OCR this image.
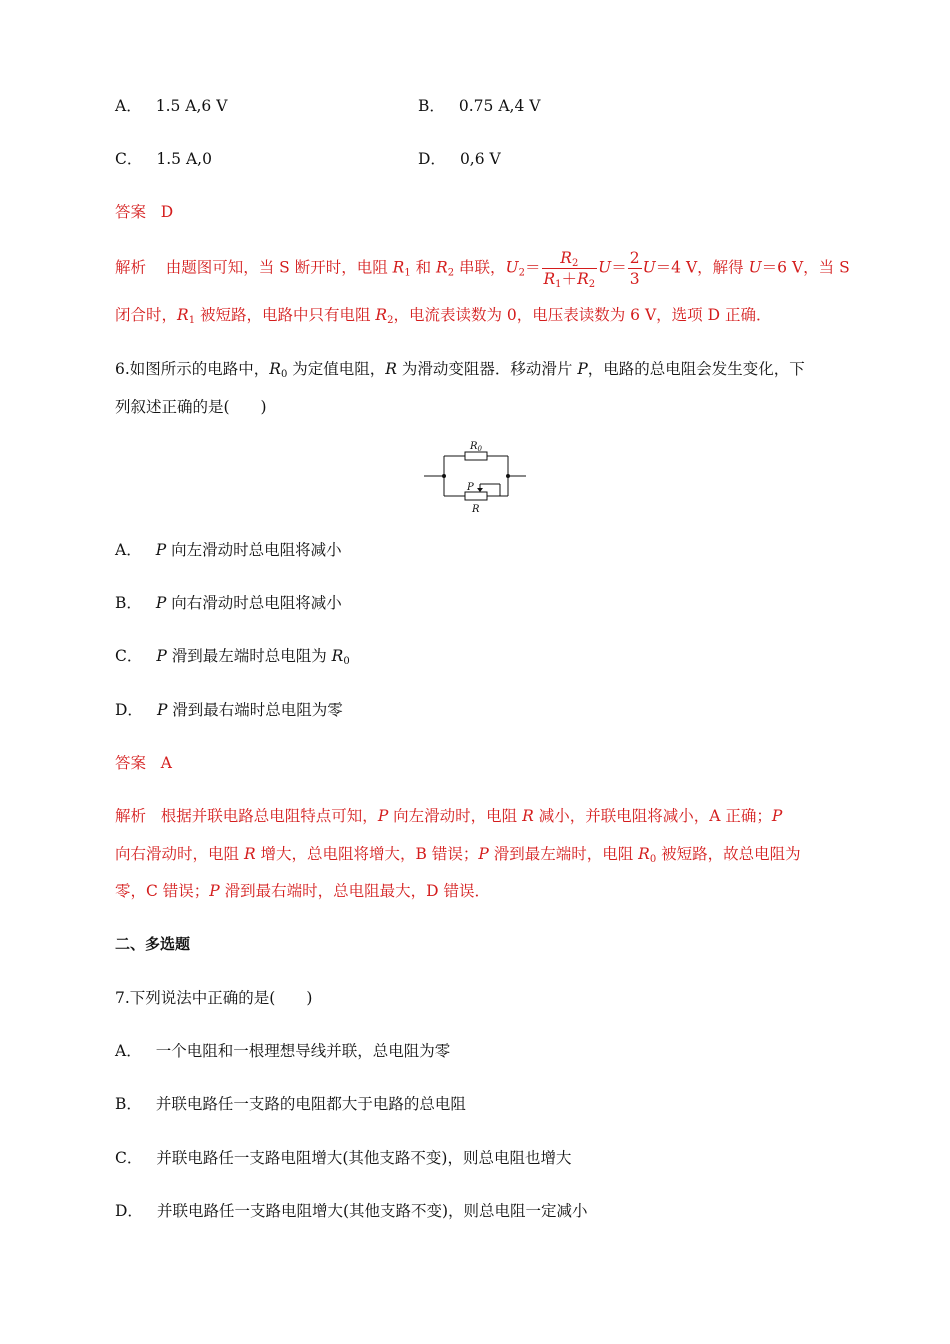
A． 1.5 A,6 V	B． 0.75 A,4 V
C． 1.5 A,0	D． 0,6 V
答案 D
解析 由题图可知，当 S 断开时，电阻 $R_1$ 和 $R_2$ 串联，$U_2= \frac{R_2}{R_1+R_2} U= \frac{2}{3} U=4$ V，解得 U＝6 V，当 S
闭合时，$R_1$ 被短路，电路中只有电阻 $R_2$，电流表读数为 0，电压表读数为 6 V，选项 D 正确．
6.如图所示的电路中，$R_0$ 为定值电阻，R 为滑动变阻器．移动滑片 P，电路的总电阻会发生变化，下
列叙述正确的是(　　)
$R_0$
P
R
A． P 向左滑动时总电阻将减小
B． P 向右滑动时总电阻将减小
C． P 滑到最左端时总电阻为 $R_0$
D． P 滑到最右端时总电阻为零
答案 A
解析 根据并联电路总电阻特点可知，P 向左滑动时，电阻 R 减小，并联电阻将减小，A 正确；P
向右滑动时，电阻 R 增大，总电阻将增大，B 错误；P 滑到最左端时，电阻 $R_0$ 被短路，故总电阻为
零，C 错误；P 滑到最右端时，总电阻最大，D 错误．
二、多选题
7.下列说法中正确的是(　　)
A． 一个电阻和一根理想导线并联，总电阻为零
B． 并联电路任一支路的电阻都大于电路的总电阻
C． 并联电路任一支路电阻增大(其他支路不变)，则总电阻也增大
D． 并联电路任一支路电阻增大(其他支路不变)，则总电阻一定减小
